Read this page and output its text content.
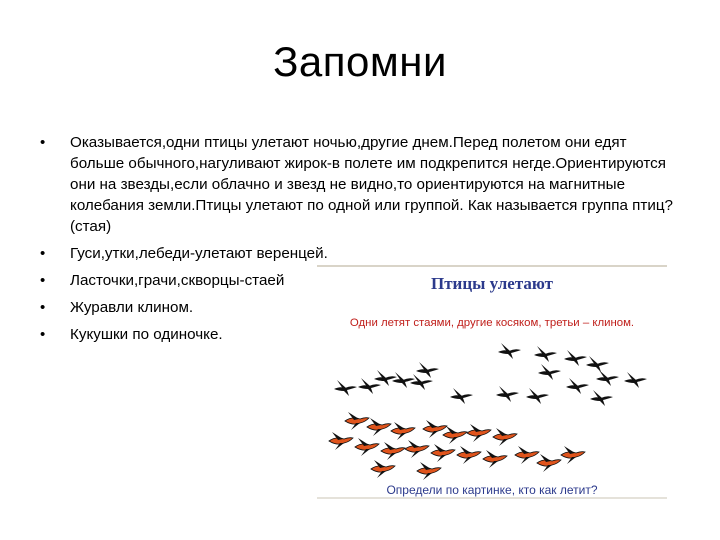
Запомни
• Оказывается,одни птицы улетают ночью,другие днем.Перед полетом они едят больше обычного,нагуливают жирок-в полете им подкрепится негде.Ориентируются они на звезды,если облачно и звезд не видно,то ориентируются на магнитные колебания земли.Птицы улетают по одной или группой. Как называется группа птиц?(стая)
• Гуси,утки,лебеди-улетают веренцей.
• Ласточки,грачи,скворцы-стаей
• Журавли клином.
• Кукушки по одиночке.
Птицы улетают
Одни летят стаями, другие косяком, третьи – клином.
Определи по картинке, кто как летит?
